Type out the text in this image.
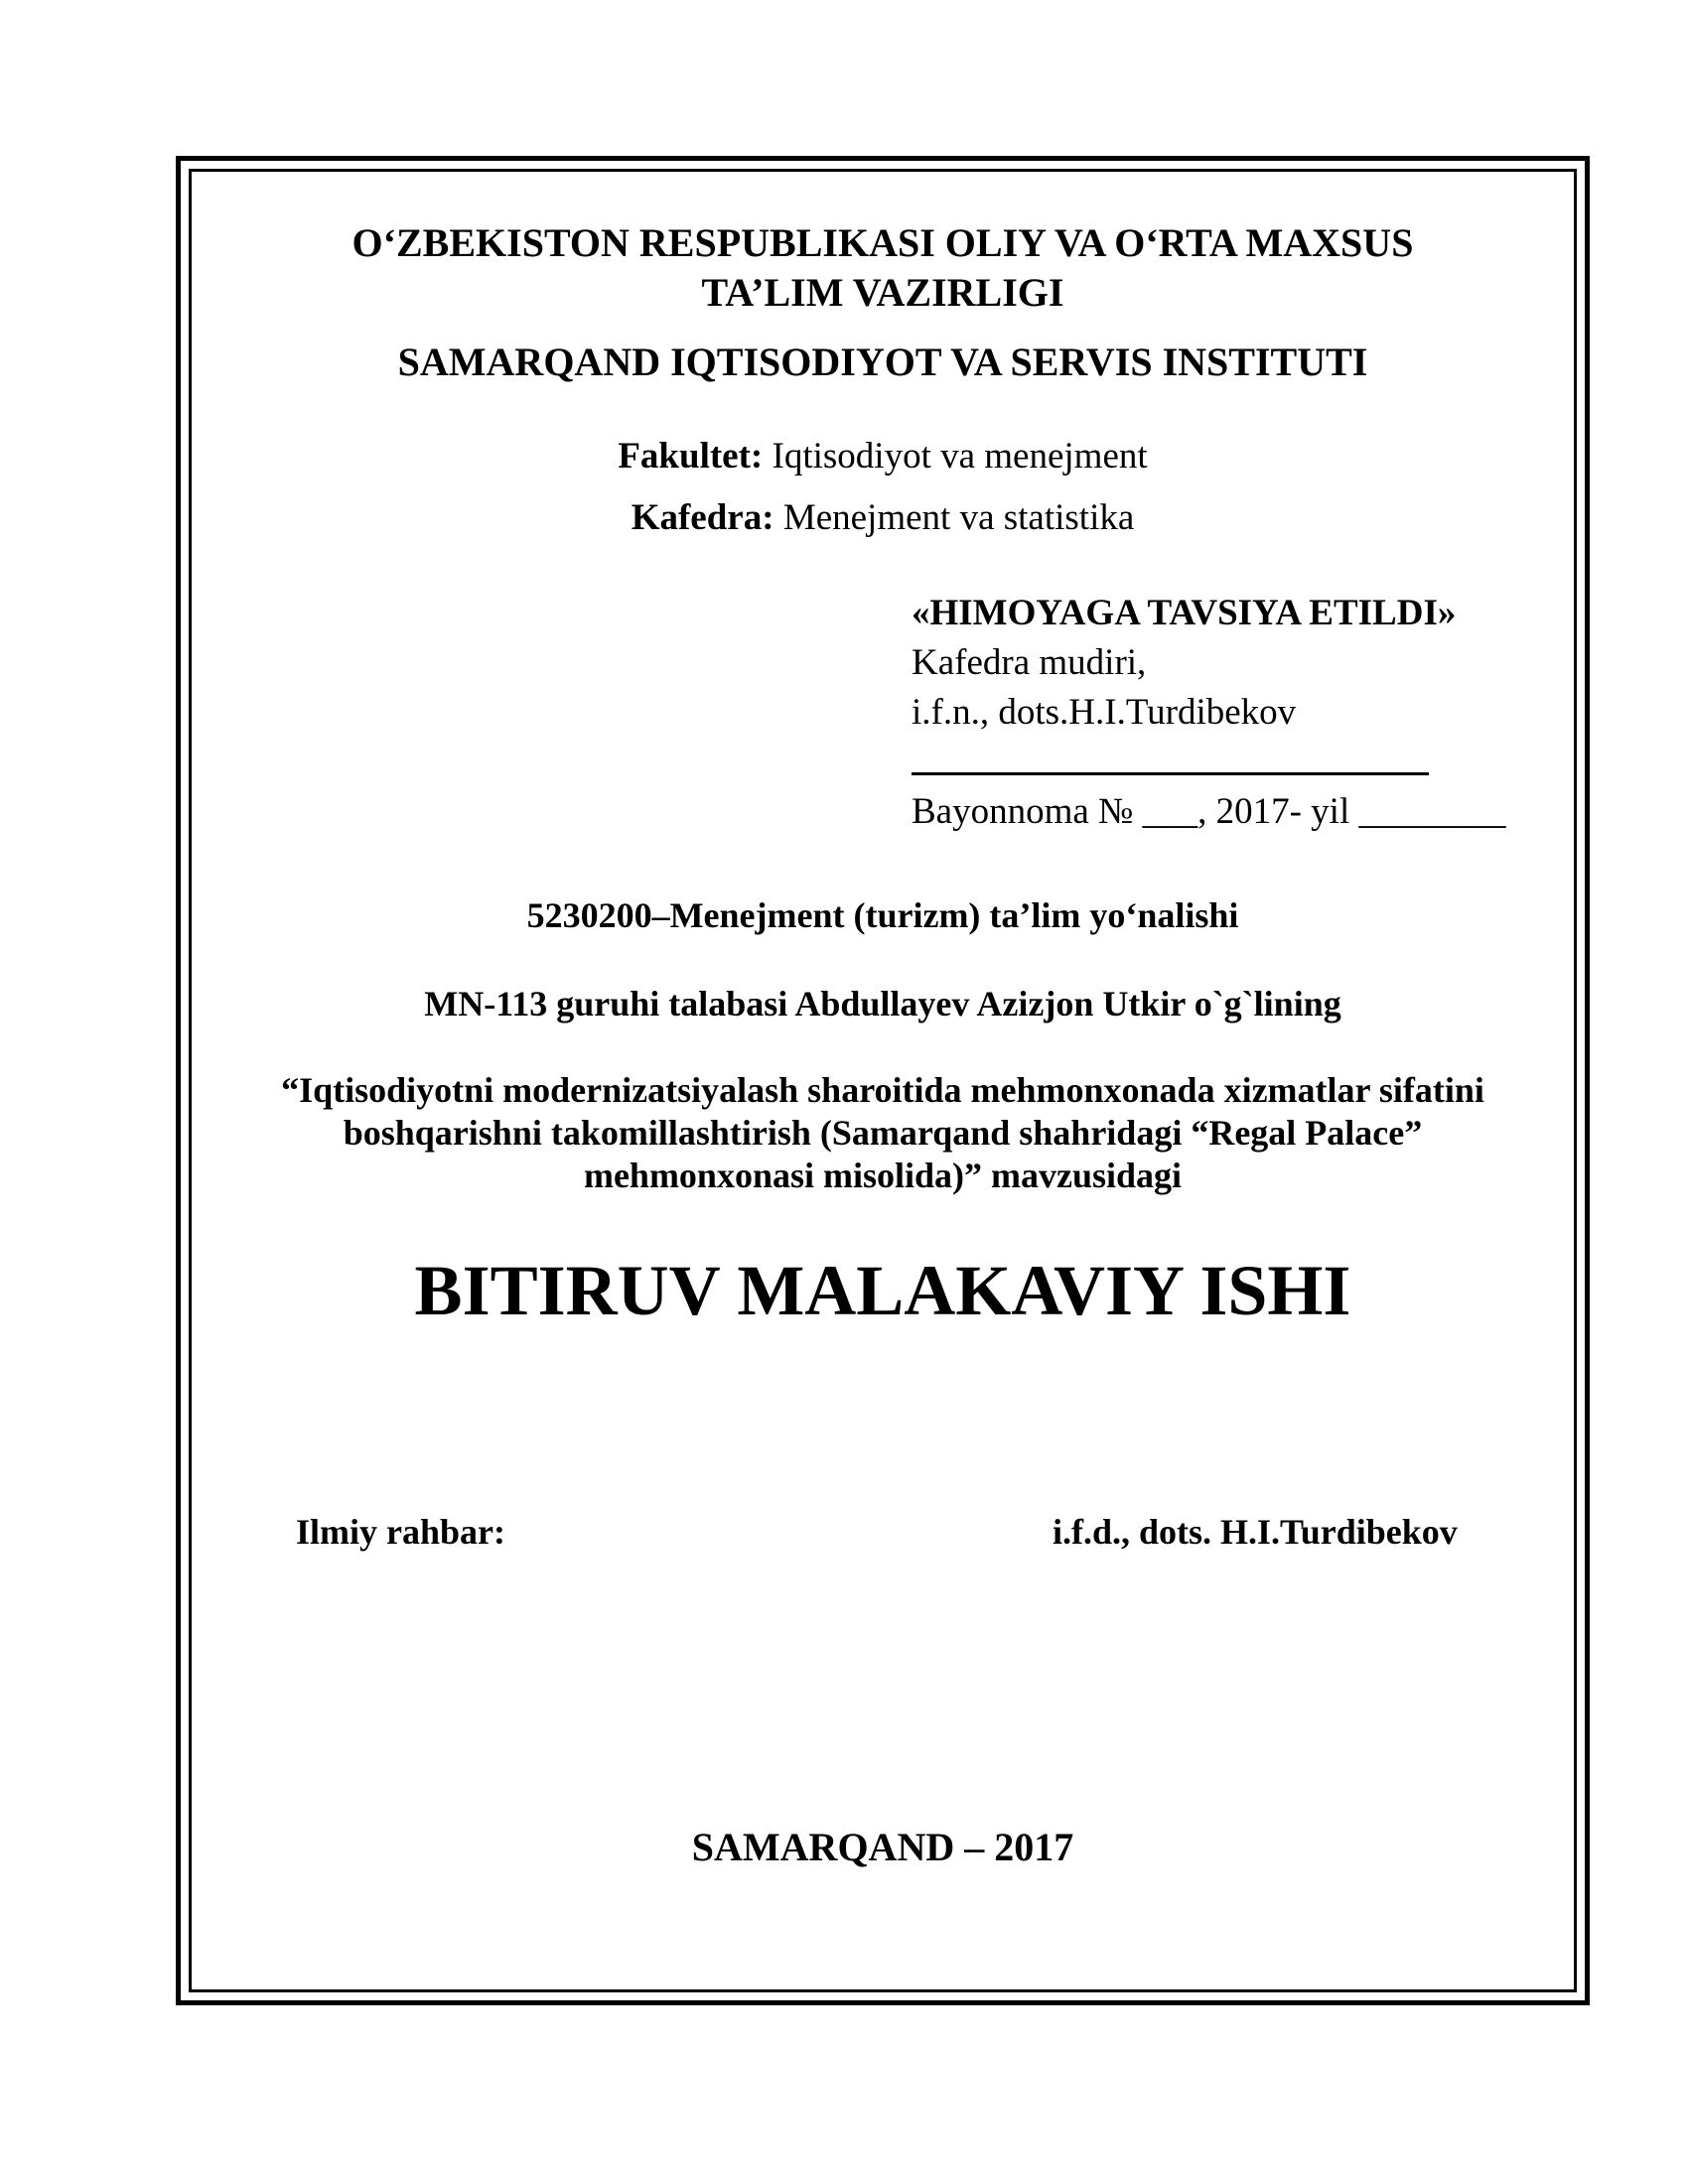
O‘ZBEKISTON RESPUBLIKASI OLIY VA O‘RTA MAXSUS
TA’LIM VAZIRLIGI
SAMARQAND IQTISODIYOT VA SERVIS INSTITUTI
Fakultet: Iqtisodiyot va menejment
Kafedra: Menejment va statistika
«HIMOYAGA TAVSIYA ETILDI»
Kafedra mudiri,
i.f.n., dots.H.I.Turdibekov
Bayonnoma № ___, 2017- yil ________
5230200–Menejment (turizm) ta’lim yo‘nalishi
MN-113 guruhi talabasi Abdullayev Azizjon Utkir o`g`lining
“Iqtisodiyotni modernizatsiyalash sharoitida mehmonxonada xizmatlar sifatini
boshqarishni takomillashtirish (Samarqand shahridagi “Regal Palace”
mehmonxonasi misolida)” mavzusidagi
BITIRUV MALAKAVIY ISHI
Ilmiy rahbar:	i.f.d., dots. H.I.Turdibekov
SAMARQAND – 2017
